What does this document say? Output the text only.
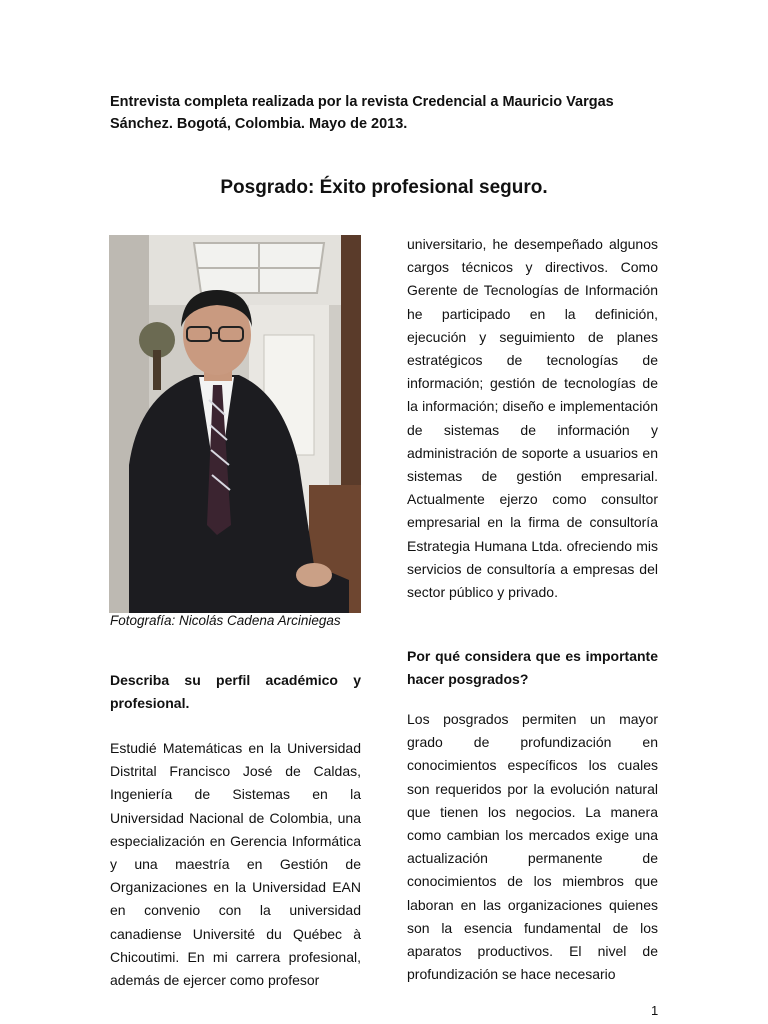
Entrevista completa realizada por la revista Credencial a Mauricio Vargas Sánchez. Bogotá, Colombia. Mayo de 2013.

Posgrado: Éxito profesional seguro.

Fotografía: Nicolás Cadena Arciniegas

Describa su perfil académico y profesional.

Estudié Matemáticas en la Universidad Distrital Francisco José de Caldas, Ingeniería de Sistemas en la Universidad Nacional de Colombia, una especialización en Gerencia Informática y una maestría en Gestión de Organizaciones en la Universidad EAN en convenio con la universidad canadiense Université du Québec à Chicoutimi. En mi carrera profesional, además de ejercer como profesor

universitario, he desempeñado algunos cargos técnicos y directivos. Como Gerente de Tecnologías de Información he participado en la definición, ejecución y seguimiento de planes estratégicos de tecnologías de información; gestión de tecnologías de la información; diseño e implementación de sistemas de información y administración de soporte a usuarios en sistemas de gestión empresarial. Actualmente ejerzo como consultor empresarial en la firma de consultoría Estrategia Humana Ltda. ofreciendo mis servicios de consultoría a empresas del sector público y privado.

Por qué considera que es importante hacer posgrados?

Los posgrados permiten un mayor grado de profundización en conocimientos específicos los cuales son requeridos por la evolución natural que tienen los negocios. La manera como cambian los mercados exige una actualización permanente de conocimientos de los miembros que laboran en las organizaciones quienes son la esencia fundamental de los aparatos productivos. El nivel de profundización se hace necesario

1
